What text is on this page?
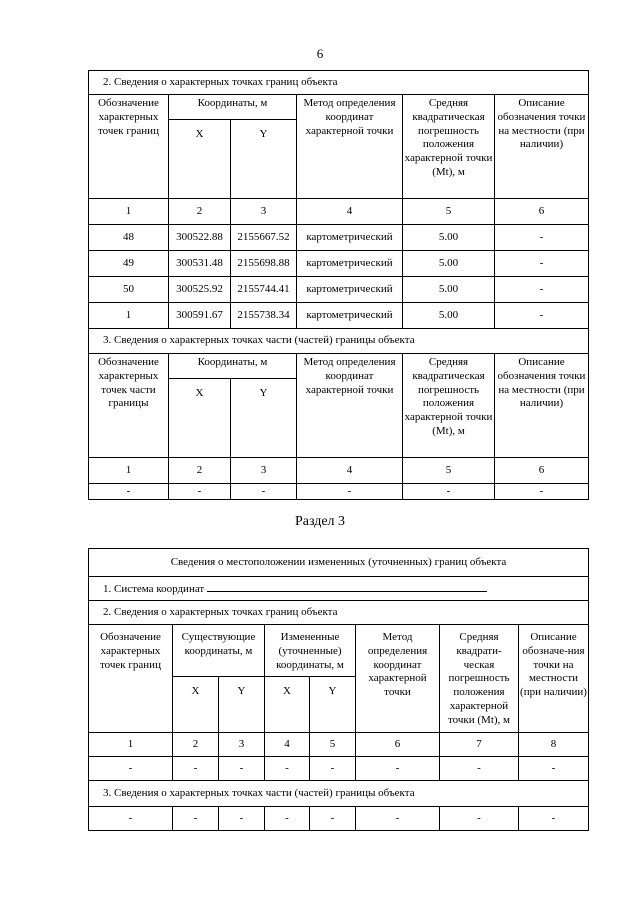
6
2. Сведения о характерных точках границ объекта					
Обозначение характерных точек границ	Координаты, м		Метод определения координат характерной точки	Средняя квадратическая погрешность положения характерной точки (Mt), м	Описание обозначения точки на местности (при наличии)
	X	Y			
1	2	3	4	5	6
48	300522.88	2155667.52	картометрический	5.00	-
49	300531.48	2155698.88	картометрический	5.00	-
50	300525.92	2155744.41	картометрический	5.00	-
1	300591.67	2155738.34	картометрический	5.00	-
3. Сведения о характерных точках части (частей) границы объекта					
Обозначение характерных точек части границы	Координаты, м		Метод определения координат характерной точки	Средняя квадратическая погрешность положения характерной точки (Mt), м	Описание обозначения точки на местности (при наличии)
	X	Y			
1	2	3	4	5	6
-	-	-	-	-	-
Раздел 3
Сведения о местоположении измененных (уточненных) границ объекта							
1. Система координат							
2. Сведения о характерных точках границ объекта							
Обозначение характерных точек границ	Существующие координаты, м		Измененные (уточненные) координаты, м		Метод определения координат характерной точки	Средняя квадрати-ческая погрешность положения характерной точки (Mt), м	Описание обозначе-ния точки на местности (при наличии)
	X	Y	X	Y			
1	2	3	4	5	6	7	8
-	-	-	-	-	-	-	-
3. Сведения о характерных точках части (частей) границы объекта							
-	-	-	-	-	-	-	-
